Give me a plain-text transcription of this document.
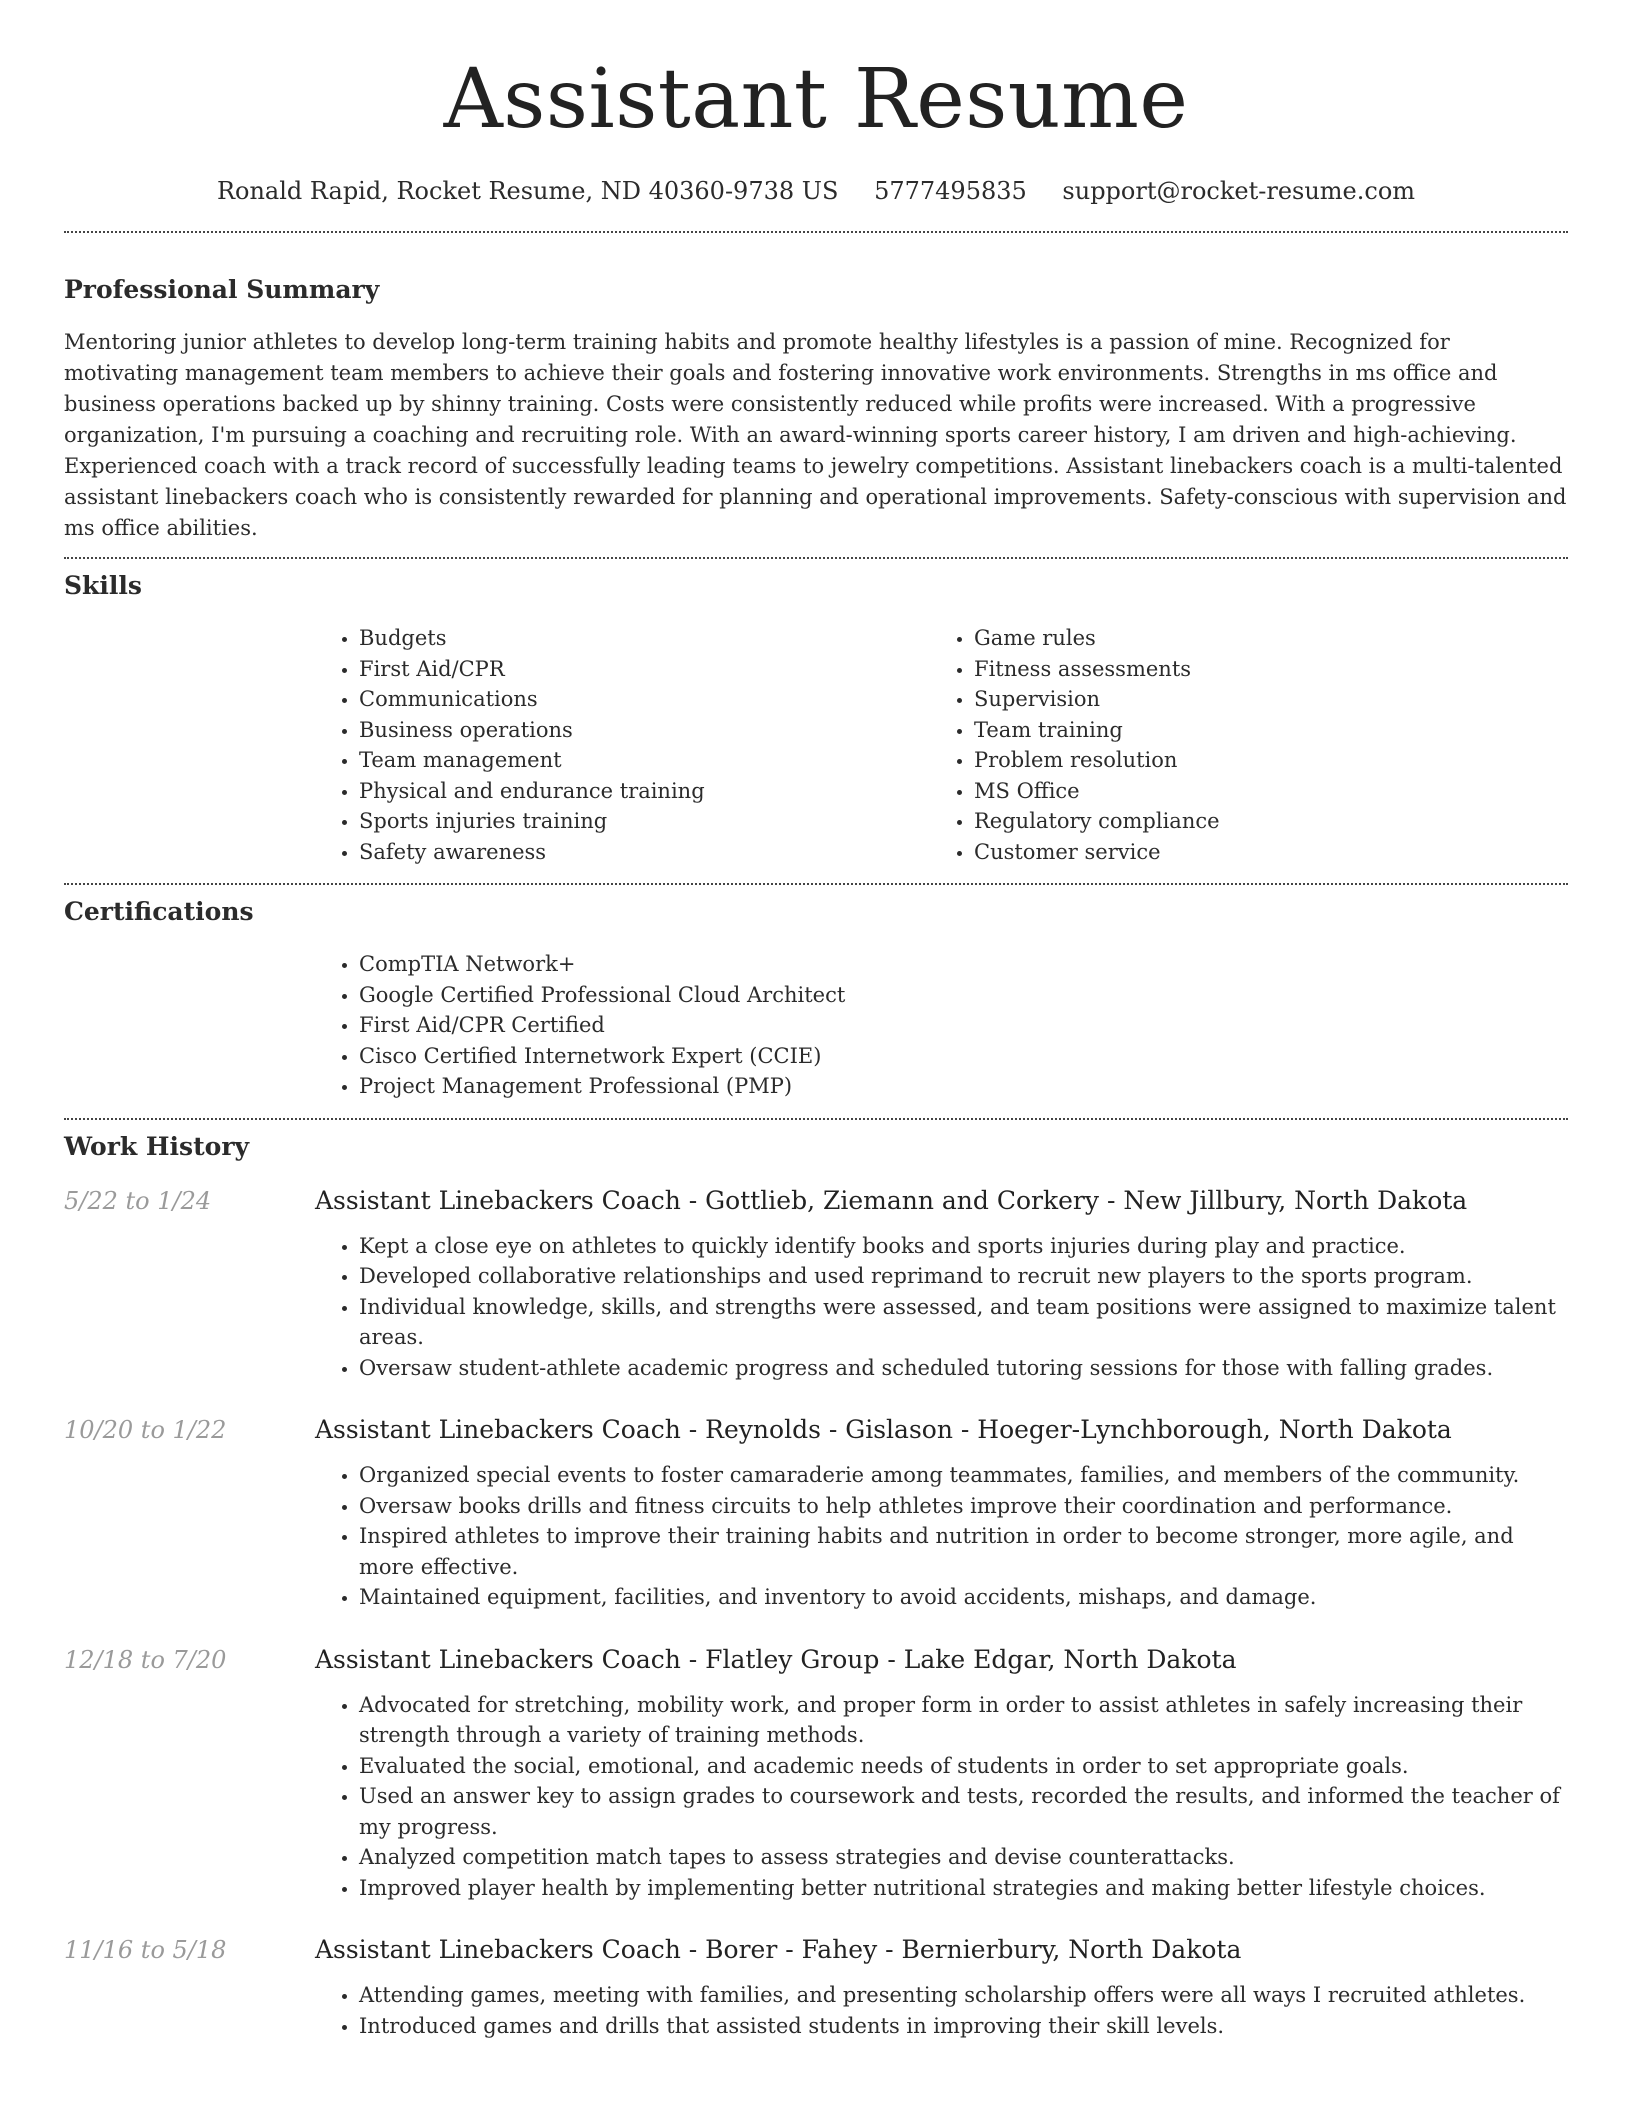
Assistant Resume
Ronald Rapid, Rocket Resume, ND 40360-9738 US 5777495835 support@rocket-resume.com
Professional Summary

Mentoring junior athletes to develop long-term training habits and promote healthy lifestyles is a passion of mine. Recognized for motivating management team members to achieve their goals and fostering innovative work environments. Strengths in ms office and business operations backed up by shinny training. Costs were consistently reduced while profits were increased. With a progressive organization, I'm pursuing a coaching and recruiting role. With an award-winning sports career history, I am driven and high-achieving. Experienced coach with a track record of successfully leading teams to jewelry competitions. Assistant linebackers coach is a multi-talented assistant linebackers coach who is consistently rewarded for planning and operational improvements. Safety-conscious with supervision and ms office abilities.

Skills
• Budgets
• First Aid/CPR
• Communications
• Business operations
• Team management
• Physical and endurance training
• Sports injuries training
• Safety awareness
• Game rules
• Fitness assessments
• Supervision
• Team training
• Problem resolution
• MS Office
• Regulatory compliance
• Customer service
Certifications
• CompTIA Network+
• Google Certified Professional Cloud Architect
• First Aid/CPR Certified
• Cisco Certified Internetwork Expert (CCIE)
• Project Management Professional (PMP)
Work History
5/22 to 1/24	Assistant Linebackers Coach - Gottlieb, Ziemann and Corkery - New Jillbury, North Dakota
• Kept a close eye on athletes to quickly identify books and sports injuries during play and practice.
• Developed collaborative relationships and used reprimand to recruit new players to the sports program.
• Individual knowledge, skills, and strengths were assessed, and team positions were assigned to maximize talent areas.
• Oversaw student-athlete academic progress and scheduled tutoring sessions for those with falling grades.
10/20 to 1/22	Assistant Linebackers Coach - Reynolds - Gislason - Hoeger-Lynchborough, North Dakota
• Organized special events to foster camaraderie among teammates, families, and members of the community.
• Oversaw books drills and fitness circuits to help athletes improve their coordination and performance.
• Inspired athletes to improve their training habits and nutrition in order to become stronger, more agile, and more effective.
• Maintained equipment, facilities, and inventory to avoid accidents, mishaps, and damage.
12/18 to 7/20	Assistant Linebackers Coach - Flatley Group - Lake Edgar, North Dakota
• Advocated for stretching, mobility work, and proper form in order to assist athletes in safely increasing their strength through a variety of training methods.
• Evaluated the social, emotional, and academic needs of students in order to set appropriate goals.
• Used an answer key to assign grades to coursework and tests, recorded the results, and informed the teacher of my progress.
• Analyzed competition match tapes to assess strategies and devise counterattacks.
• Improved player health by implementing better nutritional strategies and making better lifestyle choices.
11/16 to 5/18	Assistant Linebackers Coach - Borer - Fahey - Bernierbury, North Dakota
• Attending games, meeting with families, and presenting scholarship offers were all ways I recruited athletes.
• Introduced games and drills that assisted students in improving their skill levels.
